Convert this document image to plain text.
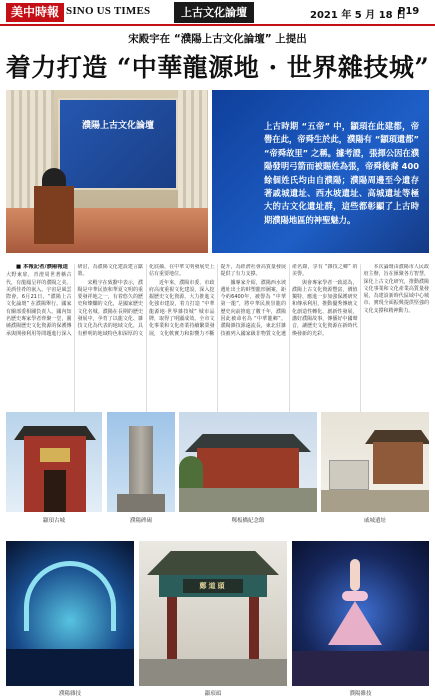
美中時報 SINO US TIMES	上古文化論壇	2021 年 5 月 18 日
P19
宋殿宇在 “濮陽上古文化論壇” 上提出
着力打造 “中華龍源地 · 世界雜技城”
濮陽上古文化論壇	上古時期 “五帝” 中，顓頊在此建都，帝嚳在此，帝舜生於此，濮陽有 “顓頊遺都” “帝舜故里” 之稱。據考證，張揮公因在濮陽發明弓箭而被賜姓為張，帝舜後裔 400 餘個姓氏均由自濮陽；濮陽周邊至今遺存著戚城遺址、西水坡遺址、高城遺址等極大的古文化遺址群，這些都彰顯了上古時期濮陽地區的神聖魅力。

■ 本報記者/濮陽報道
大野東扉，青澄周世著稱古代，有龍鳳呈祥的濮陽之美。美酒佳肴的嵌入，宇宙是風雲際會。6月21日，“濮陽上古文化論壇” 在濮陽舉行。國家有關部委相關負責人、國內知名歷史專家學者齊聚一堂，圍繞濮陽歷史文化資源的保護傳承與開發利用等問題進行深入研討，為濮陽文化建設建言獻策。

宋殿宇在致辭中表示，濮陽是中華民族和華夏文明的重要發祥地之一，有着悠久的歷史和燦爛的文化，是國家歷史文化名城。濮陽在長期的歷史發展中，孕育了以龍文化、雜技文化為代表的地域文化，具有鮮明的地域特色和深厚的文化底蘊，在中華文明發展史上佔有重要地位。

近年來，濮陽市委、市政府高度重視文化建設，深入挖掘歷史文化資源，大力推進文化強市建設，着力打造 “中華龍源地·世界雜技城” 城市品牌，取得了明顯成效。全市文化事業和文化產業持續繁榮發展，文化軟實力和影響力不斷提升，為經濟社會高質量發展提供了有力支撐。

據專家介紹，濮陽西水坡遺址出土的蚌塑龍形圖案，距今約6400年，被譽為 “中華第一龍”，將中華民族崇龍的歷史向前推進了數千年，濮陽因此被命名為 “中華龍鄉”。濮陽雜技源遠流長，東北莊雜技被列入國家級非物質文化遺產名錄，享有 “雜技之鄉” 的美譽。

與會專家學者一致認為，濮陽上古文化資源豐富，價值獨特，應進一步加強保護研究和傳承利用，推動優秀傳統文化創造性轉化、創新性發展，講好濮陽故事，傳播好中國聲音，讓歷史文化資源在新時代煥發新的光彩。

本次論壇由濮陽市人民政府主辦，旨在匯聚各方智慧，深化上古文化研究，推動濮陽文化事業和文化產業高質量發展，為建設新時代區域中心城市、實現全面振興提供堅強的文化支撐和精神動力。

顓頊古城	濮陽碑碣	鄭板橋紀念館	戚城遺址
濮陽雜技
鄭道頭
顓頊頭	濮陽雜技
